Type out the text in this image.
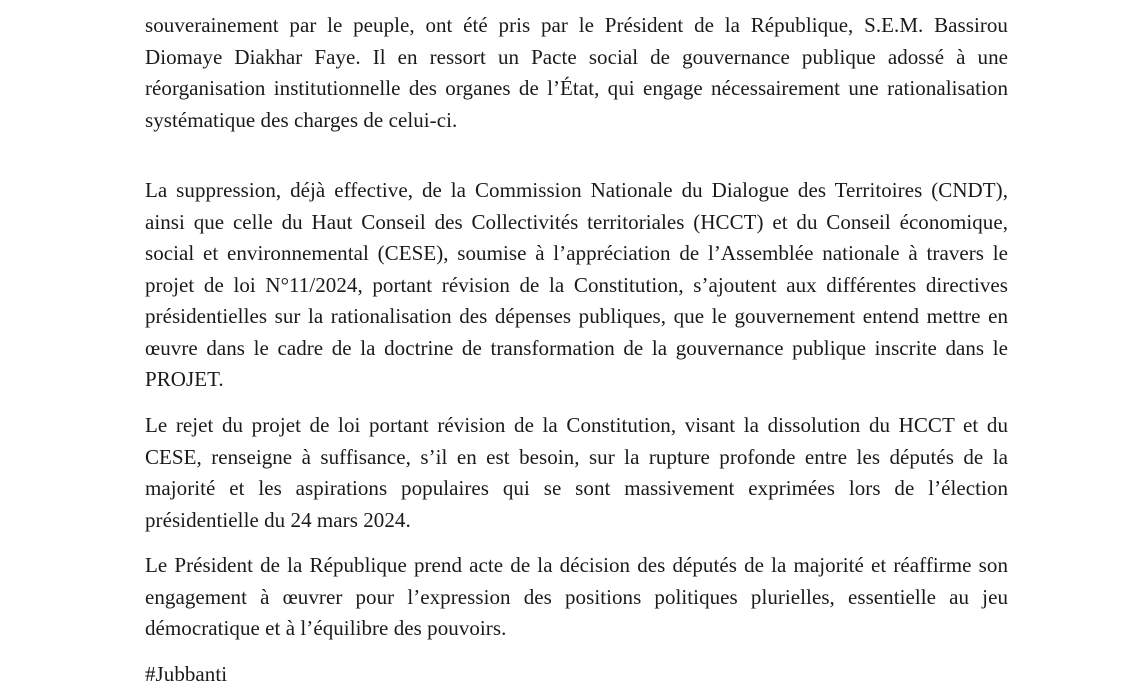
souverainement par le peuple, ont été pris par le Président de la République, S.E.M. Bassirou Diomaye Diakhar Faye. Il en ressort un Pacte social de gouvernance publique adossé à une réorganisation institutionnelle des organes de l’État, qui engage nécessairement une rationalisation systématique des charges de celui-ci.

La suppression, déjà effective, de la Commission Nationale du Dialogue des Territoires (CNDT), ainsi que celle du Haut Conseil des Collectivités territoriales (HCCT) et du Conseil économique, social et environnemental (CESE), soumise à l’appréciation de l’Assemblée nationale à travers le projet de loi N°11/2024, portant révision de la Constitution, s’ajoutent aux différentes directives présidentielles sur la rationalisation des dépenses publiques, que le gouvernement entend mettre en œuvre dans le cadre de la doctrine de transformation de la gouvernance publique inscrite dans le PROJET.

Le rejet du projet de loi portant révision de la Constitution, visant la dissolution du HCCT et du CESE, renseigne à suffisance, s’il en est besoin, sur la rupture profonde entre les députés de la majorité et les aspirations populaires qui se sont massivement exprimées lors de l’élection présidentielle du 24 mars 2024.

Le Président de la République prend acte de la décision des députés de la majorité et réaffirme son engagement à œuvrer pour l’expression des positions politiques plurielles, essentielle au jeu démocratique et à l’équilibre des pouvoirs.

#Jubbanti
